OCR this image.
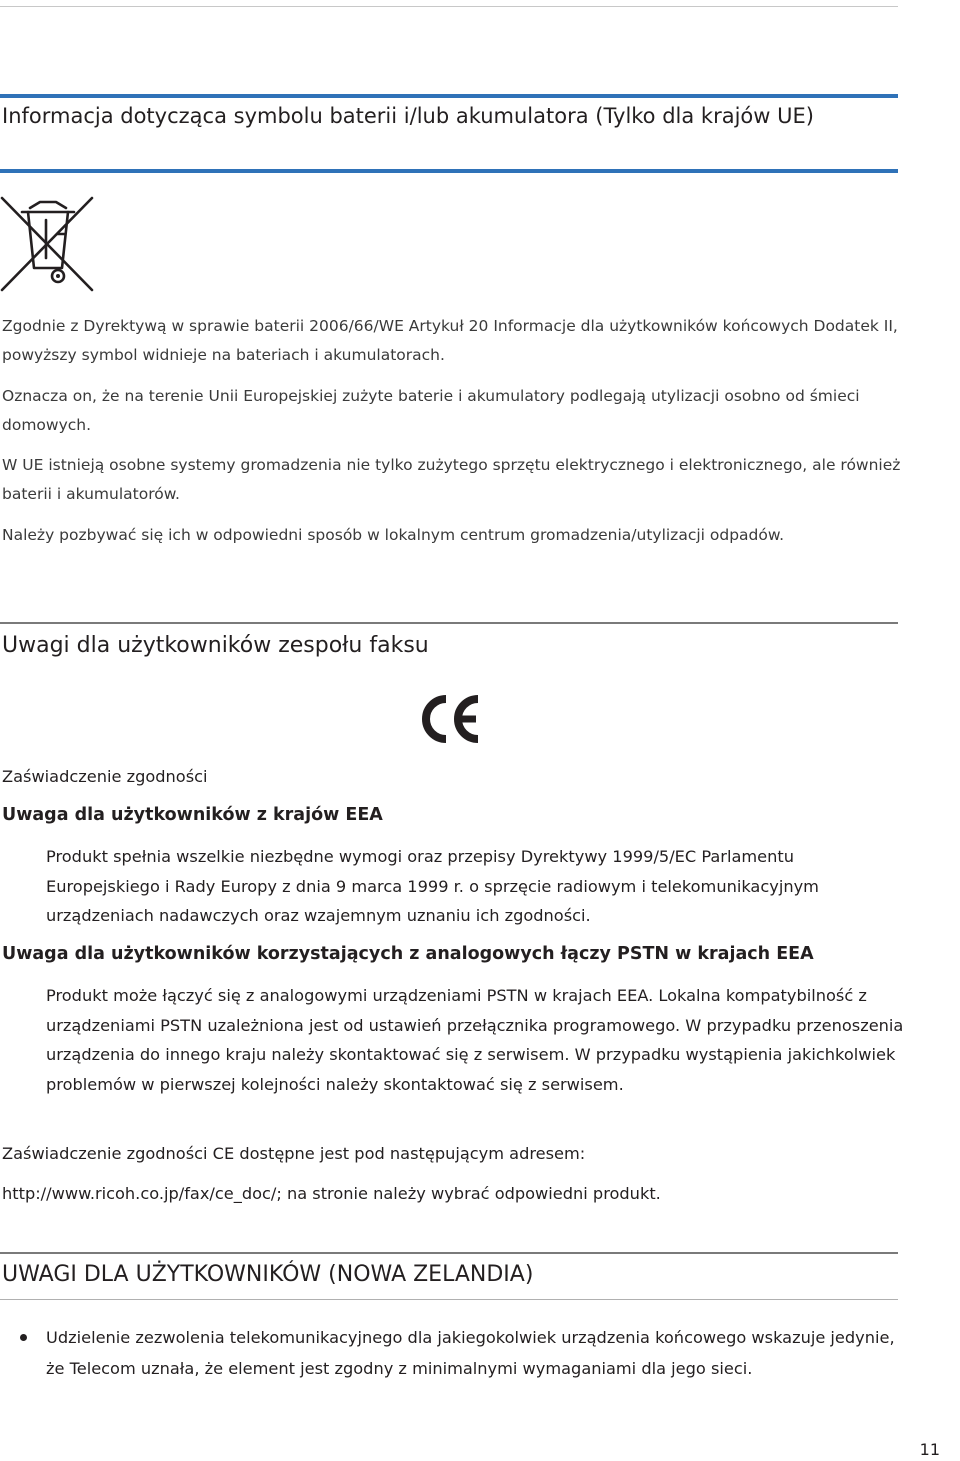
Informacja dotycząca symbolu baterii i/lub akumulatora (Tylko dla krajów UE)

Zgodnie z Dyrektywą w sprawie baterii 2006/66/WE Artykuł 20 Informacje dla użytkowników końcowych Dodatek II, powyższy symbol widnieje na bateriach i akumulatorach.

Oznacza on, że na terenie Unii Europejskiej zużyte baterie i akumulatory podlegają utylizacji osobno od śmieci domowych.

W UE istnieją osobne systemy gromadzenia nie tylko zużytego sprzętu elektrycznego i elektronicznego, ale również baterii i akumulatorów.

Należy pozbywać się ich w odpowiedni sposób w lokalnym centrum gromadzenia/utylizacji odpadów.

Uwagi dla użytkowników zespołu faksu

Zaświadczenie zgodności

Uwaga dla użytkowników z krajów EEA

Produkt spełnia wszelkie niezbędne wymogi oraz przepisy Dyrektywy 1999/5/EC Parlamentu Europejskiego i Rady Europy z dnia 9 marca 1999 r. o sprzęcie radiowym i telekomunikacyjnym urządzeniach nadawczych oraz wzajemnym uznaniu ich zgodności.

Uwaga dla użytkowników korzystających z analogowych łączy PSTN w krajach EEA

Produkt może łączyć się z analogowymi urządzeniami PSTN w krajach EEA. Lokalna kompatybilność z urządzeniami PSTN uzależniona jest od ustawień przełącznika programowego. W przypadku przenoszenia urządzenia do innego kraju należy skontaktować się z serwisem. W przypadku wystąpienia jakichkolwiek problemów w pierwszej kolejności należy skontaktować się z serwisem.

Zaświadczenie zgodności CE dostępne jest pod następującym adresem:

http://www.ricoh.co.jp/fax/ce_doc/; na stronie należy wybrać odpowiedni produkt.

UWAGI DLA UŻYTKOWNIKÓW (NOWA ZELANDIA)
Udzielenie zezwolenia telekomunikacyjnego dla jakiegokolwiek urządzenia końcowego wskazuje jedynie, że Telecom uznała, że element jest zgodny z minimalnymi wymaganiami dla jego sieci.
11
